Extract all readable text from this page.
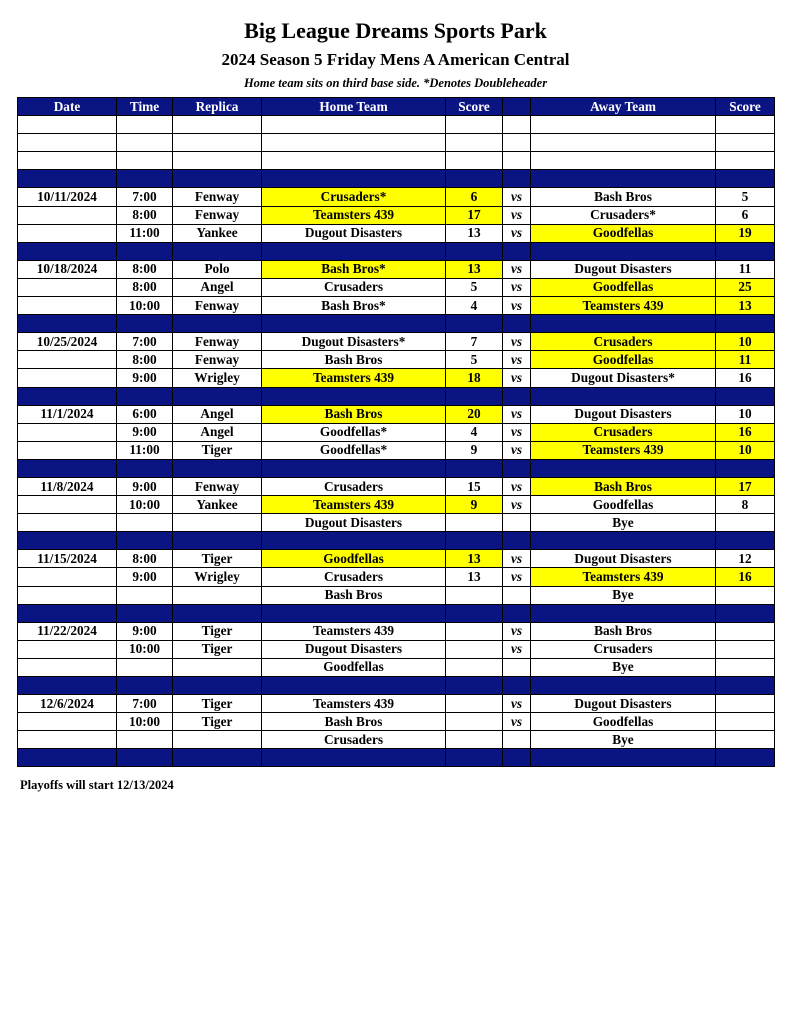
Big League Dreams Sports Park
2024 Season 5 Friday Mens A American Central
Home team sits on third base side. *Denotes Doubleheader
Date	Time	Replica	Home Team	Score		Away Team	Score

10/11/2024	7:00	Fenway	Crusaders*	6	vs	Bash Bros	5
	8:00	Fenway	Teamsters 439	17	vs	Crusaders*	6
	11:00	Yankee	Dugout Disasters	13	vs	Goodfellas	19

10/18/2024	8:00	Polo	Bash Bros*	13	vs	Dugout Disasters	11
	8:00	Angel	Crusaders	5	vs	Goodfellas	25
	10:00	Fenway	Bash Bros*	4	vs	Teamsters 439	13

10/25/2024	7:00	Fenway	Dugout Disasters*	7	vs	Crusaders	10
	8:00	Fenway	Bash Bros	5	vs	Goodfellas	11
	9:00	Wrigley	Teamsters 439	18	vs	Dugout Disasters*	16

11/1/2024	6:00	Angel	Bash Bros	20	vs	Dugout Disasters	10
	9:00	Angel	Goodfellas*	4	vs	Crusaders	16
	11:00	Tiger	Goodfellas*	9	vs	Teamsters 439	10

11/8/2024	9:00	Fenway	Crusaders	15	vs	Bash Bros	17
	10:00	Yankee	Teamsters 439	9	vs	Goodfellas	8
			Dugout Disasters			Bye	

11/15/2024	8:00	Tiger	Goodfellas	13	vs	Dugout Disasters	12
	9:00	Wrigley	Crusaders	13	vs	Teamsters 439	16
			Bash Bros			Bye	

11/22/2024	9:00	Tiger	Teamsters 439		vs	Bash Bros	
	10:00	Tiger	Dugout Disasters		vs	Crusaders	
			Goodfellas			Bye	

12/6/2024	7:00	Tiger	Teamsters 439		vs	Dugout Disasters	
	10:00	Tiger	Bash Bros		vs	Goodfellas	
			Crusaders			Bye	

Playoffs will start 12/13/2024
